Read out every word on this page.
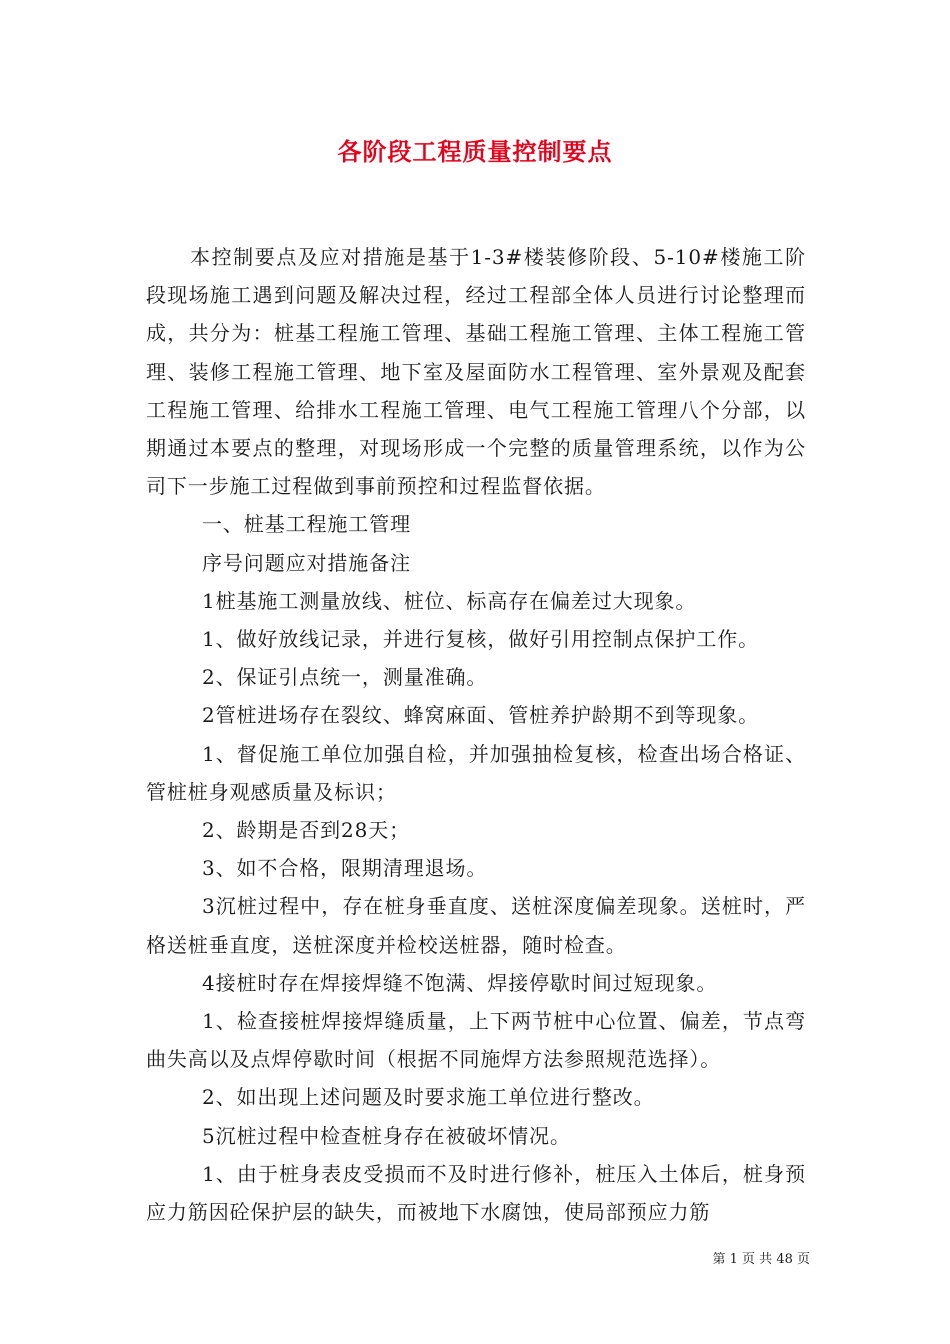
各阶段工程质量控制要点

本控制要点及应对措施是基于1-3#楼装修阶段、5-10#楼施工阶段现场施工遇到问题及解决过程，经过工程部全体人员进行讨论整理而成，共分为：桩基工程施工管理、基础工程施工管理、主体工程施工管理、装修工程施工管理、地下室及屋面防水工程管理、室外景观及配套工程施工管理、给排水工程施工管理、电气工程施工管理八个分部，以期通过本要点的整理，对现场形成一个完整的质量管理系统，以作为公司下一步施工过程做到事前预控和过程监督依据。

一、桩基工程施工管理

序号问题应对措施备注

1桩基施工测量放线、桩位、标高存在偏差过大现象。

1、做好放线记录，并进行复核，做好引用控制点保护工作。

2、保证引点统一，测量准确。

2管桩进场存在裂纹、蜂窝麻面、管桩养护龄期不到等现象。

1、督促施工单位加强自检，并加强抽检复核，检查出场合格证、管桩桩身观感质量及标识；

2、龄期是否到28天；

3、如不合格，限期清理退场。

3沉桩过程中，存在桩身垂直度、送桩深度偏差现象。送桩时，严格送桩垂直度，送桩深度并检校送桩器，随时检查。

4接桩时存在焊接焊缝不饱满、焊接停歇时间过短现象。

1、检查接桩焊接焊缝质量，上下两节桩中心位置、偏差，节点弯曲失高以及点焊停歇时间（根据不同施焊方法参照规范选择）。

2、如出现上述问题及时要求施工单位进行整改。

5沉桩过程中检查桩身存在被破坏情况。

1、由于桩身表皮受损而不及时进行修补，桩压入土体后，桩身预应力筋因砼保护层的缺失，而被地下水腐蚀，使局部预应力筋

第 1 页 共 48 页
